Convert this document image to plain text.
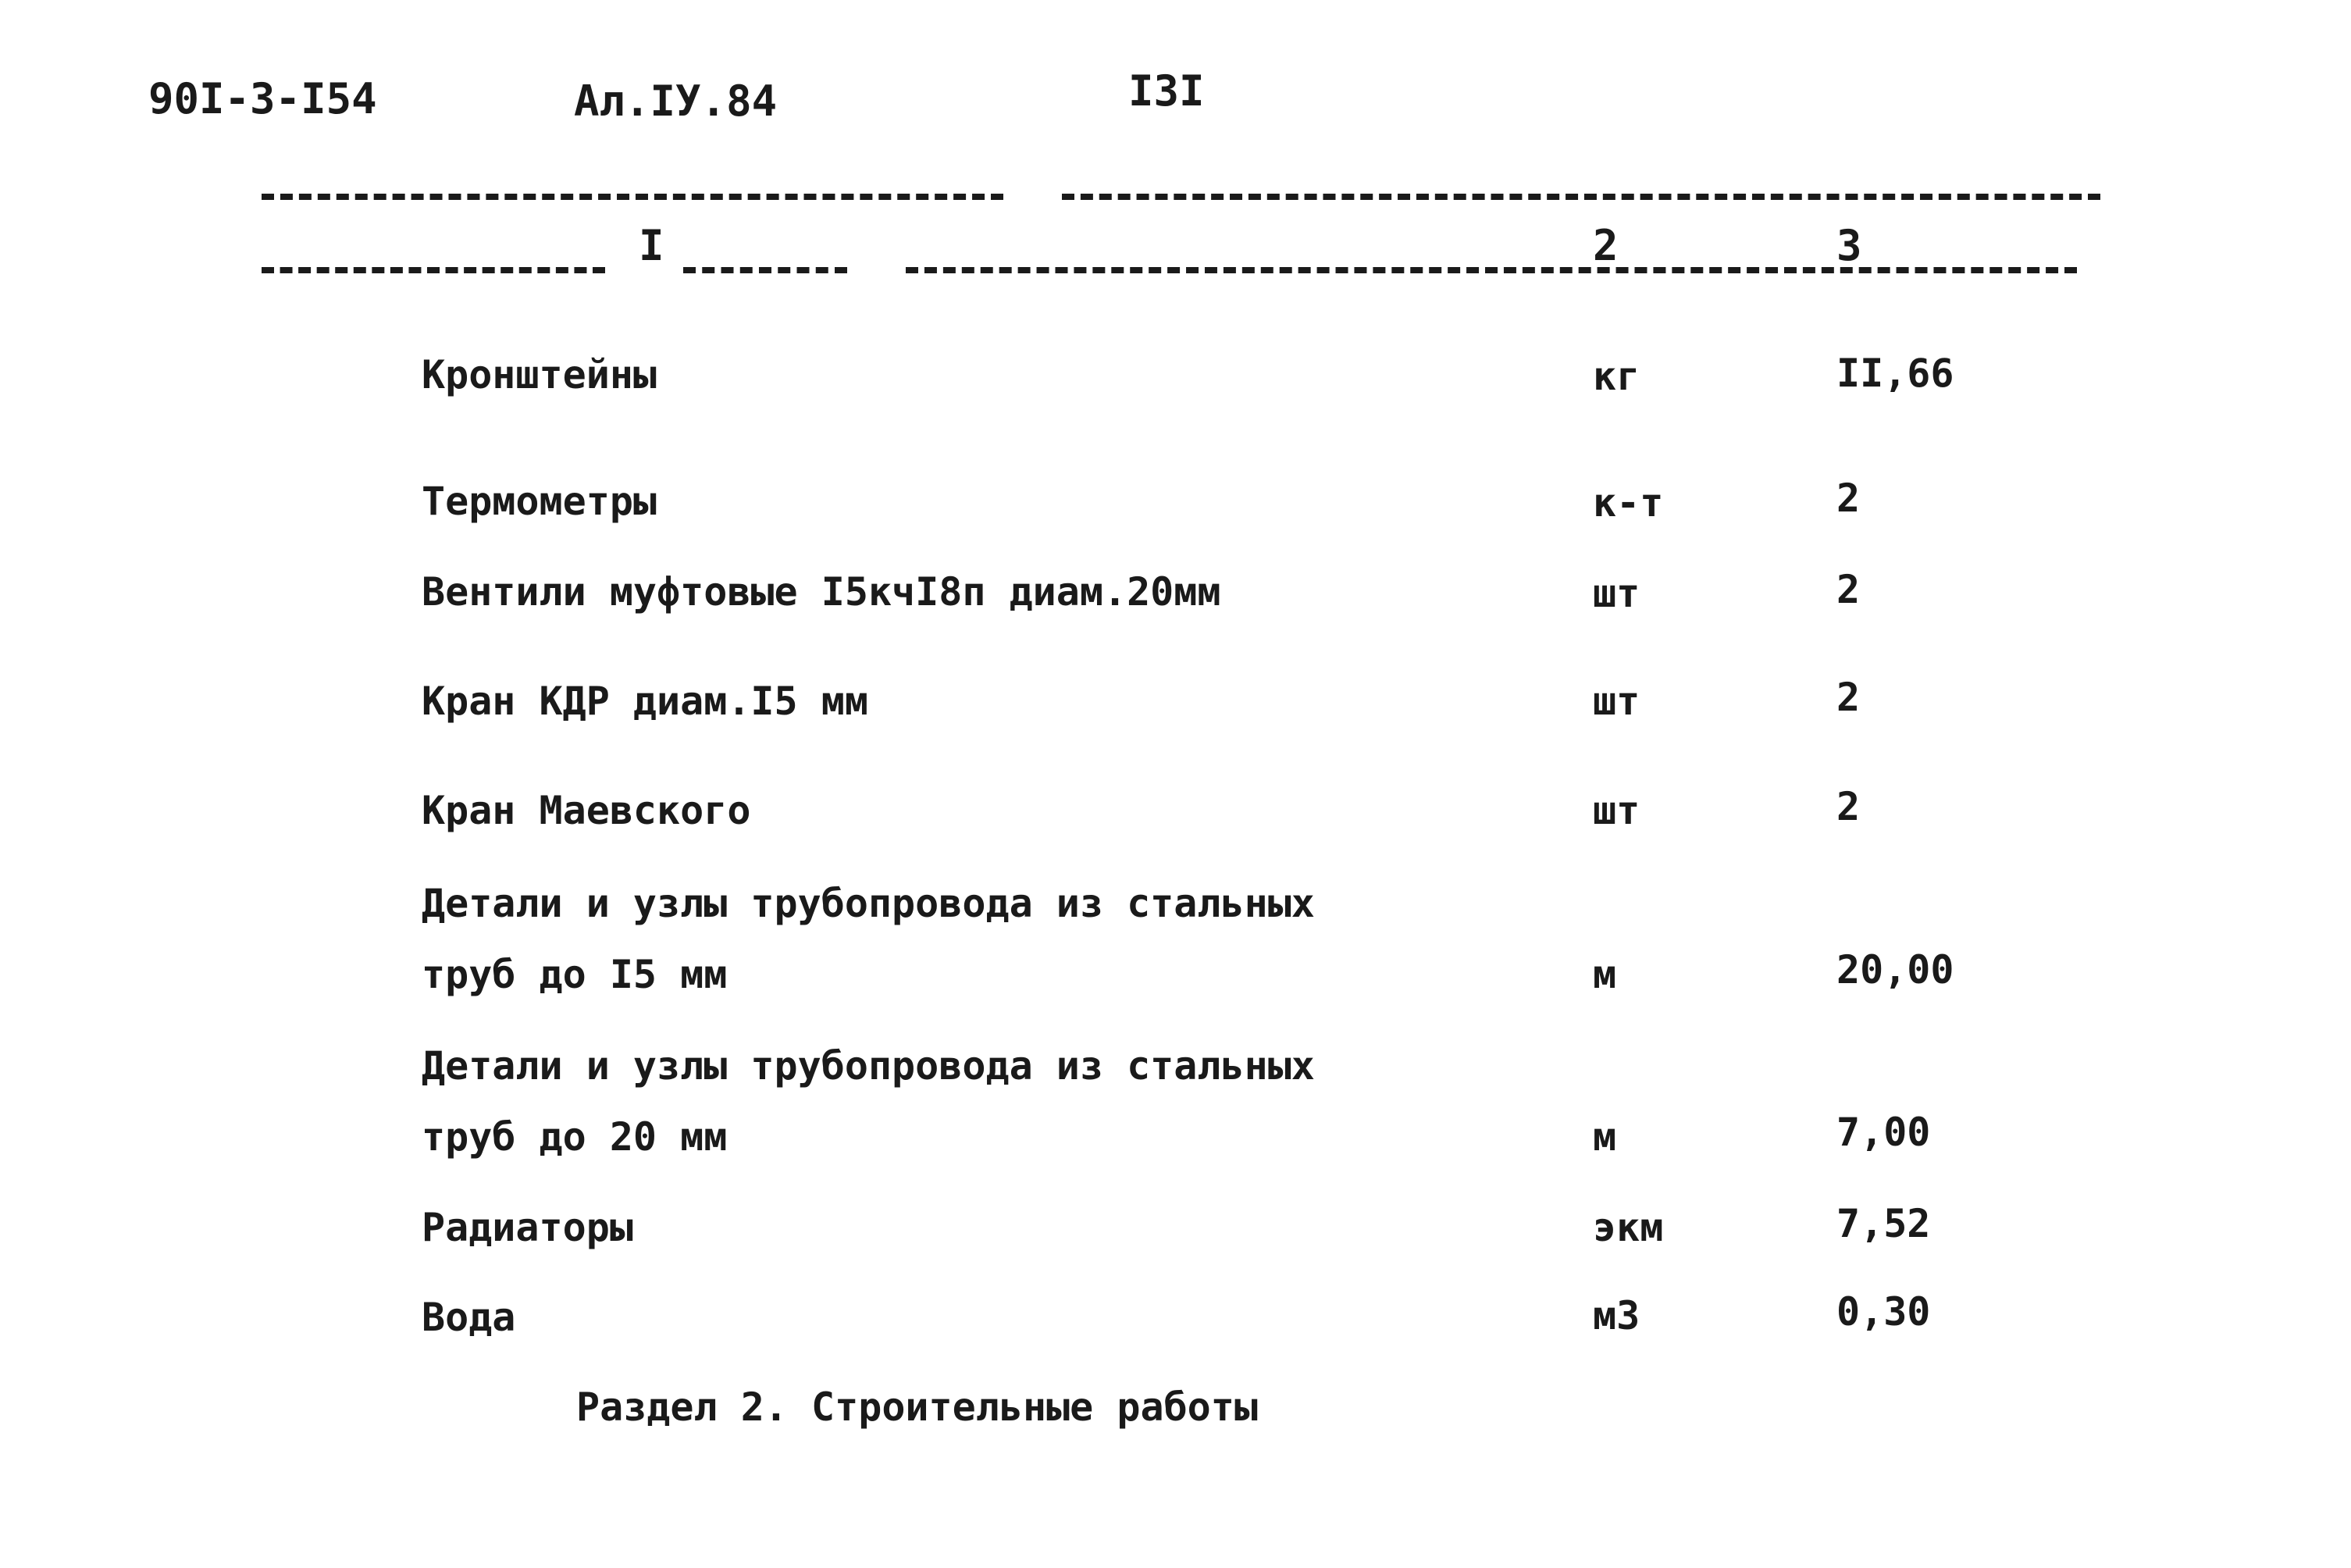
90I-3-I54	Ал.IУ.84	I3I
I	2	3
Кронштейны	кг	II,66
Термометры	к-т	2
Вентили муфтовые I5кчI8п диам.20мм	шт	2
Кран КДР диам.I5 мм	шт	2
Кран Маевского	шт	2
Детали и узлы трубопровода из стальных
труб до I5 мм	м	20,00
Детали и узлы трубопровода из стальных
труб до 20 мм	м	7,00
Радиаторы	экм	7,52
Вода	м3	0,30
Раздел 2. Строительные работы
